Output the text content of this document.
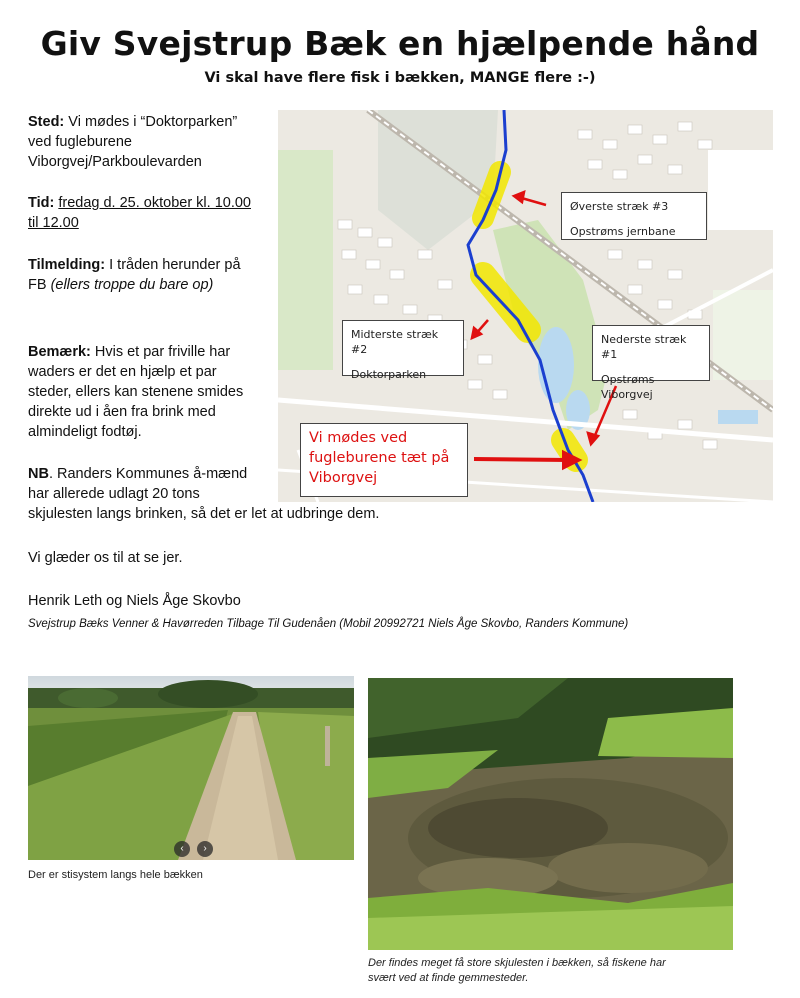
Giv Svejstrup Bæk en hjælpende hånd
Vi skal have flere fisk i bækken, MANGE flere :-)
Sted: Vi mødes i “Doktorparken”
ved fugleburene
Viborgvej/Parkboulevarden
Tid: fredag d. 25. oktober kl. 10.00
til 12.00
Tilmelding: I tråden herunder på
FB (ellers troppe du bare op)
Bemærk: Hvis et par friville har
waders er det en hjælp et par
steder, ellers kan stenene smides
direkte ud i åen fra brink med
almindeligt fodtøj.
NB. Randers Kommunes å-mænd
har allerede udlagt 20 tons
skjulesten langs brinken, så det er let at udbringe dem.
Vi glæder os til at se jer.
Henrik Leth og Niels Åge Skovbo
Svejstrup Bæks Venner & Havørreden Tilbage Til Gudenåen (Mobil 20992721 Niels Åge Skovbo, Randers Kommune)
Øverste stræk #3
Opstrøms jernbane
Midterste stræk #2
Doktorparken
Nederste stræk #1
Opstrøms Viborgvej
Vi mødes ved
fugleburene tæt på
Viborgvej
‹	›
Der er stisystem langs hele bækken
Der findes meget få store skjulesten i bækken, så fiskene har
svært ved at finde gemmesteder.
